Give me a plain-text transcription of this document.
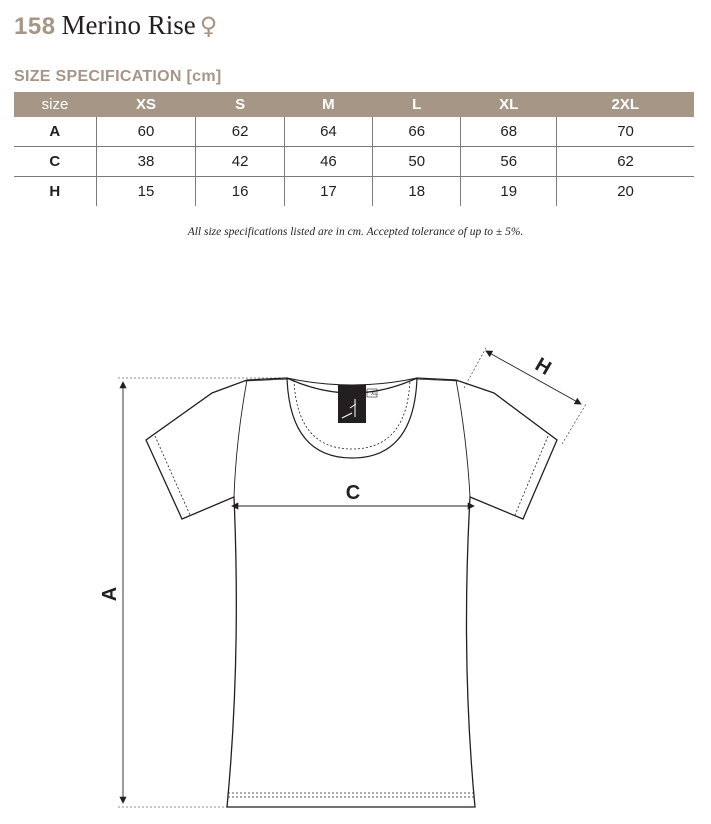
158 Merino Rise ♀
SIZE SPECIFICATION [cm]
size	XS	S	M	L	XL	2XL
A	60	62	64	66	68	70
C	38	42	46	50	56	62
H	15	16	17	18	19	20
All size specifications listed are in cm. Accepted tolerance of up to ± 5%.
XL
A
C
H
